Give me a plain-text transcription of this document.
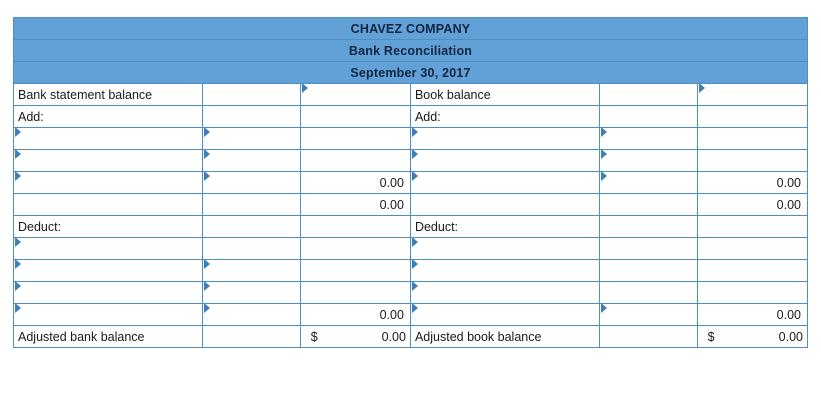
CHAVEZ COMPANY					
Bank Reconciliation					
September 30, 2017					
Bank statement balance			Book balance	

Add:			Add:		

		0.00			0.00

		0.00			0.00

Deduct:			Deduct:		

		0.00			0.00

Adjusted bank balance		$ 0.00	Adjusted book balance		$ 0.00
